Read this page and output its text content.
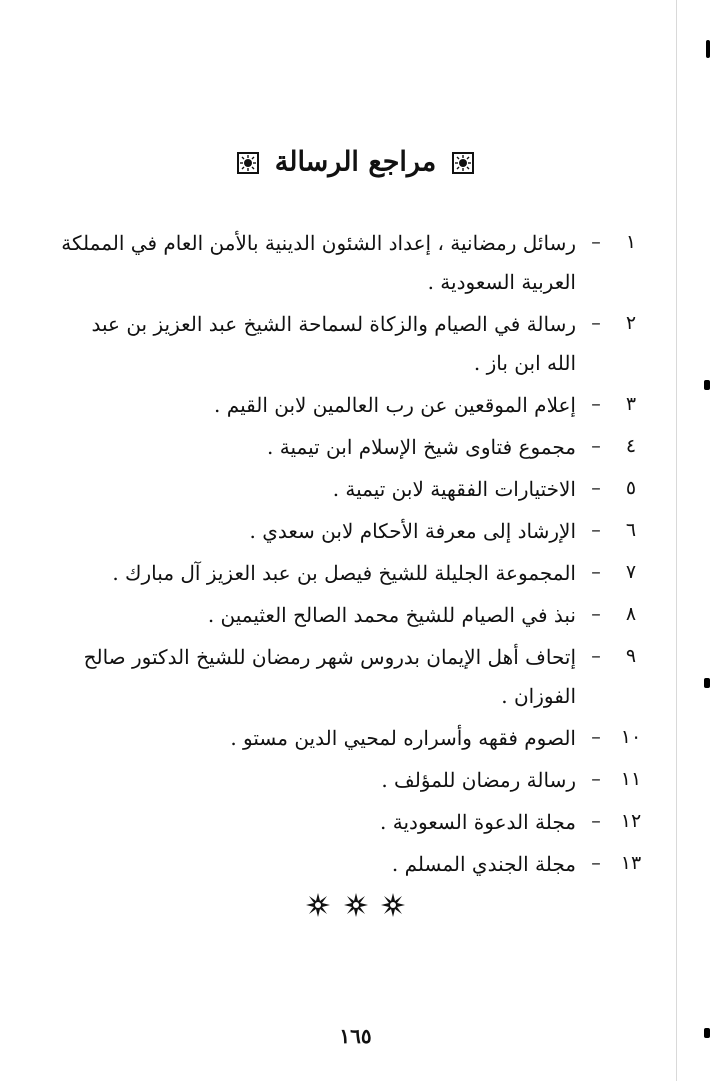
مراجع الرسالة
١
–
رسائل رمضانية ، إعداد الشئون الدينية بالأمن العام في المملكة العربية السعودية .
٢
–
رسالة في الصيام والزكاة لسماحة الشيخ عبد العزيز بن عبد الله ابن باز .
٣
–
إعلام الموقعين عن رب العالمين لابن القيم .
٤
–
مجموع فتاوى شيخ الإسلام ابن تيمية .
٥
–
الاختيارات الفقهية لابن تيمية .
٦
–
الإرشاد إلى معرفة الأحكام لابن سعدي .
٧
–
المجموعة الجليلة للشيخ فيصل بن عبد العزيز آل مبارك .
٨
–
نبذ في الصيام للشيخ محمد الصالح العثيمين .
٩
–
إتحاف أهل الإيمان بدروس شهر رمضان للشيخ الدكتور صالح الفوزان .
١٠
–
الصوم فقهه وأسراره لمحيي الدين مستو .
١١
–
رسالة رمضان للمؤلف .
١٢
–
مجلة الدعوة السعودية .
١٣
–
مجلة الجندي المسلم .

١٦٥
